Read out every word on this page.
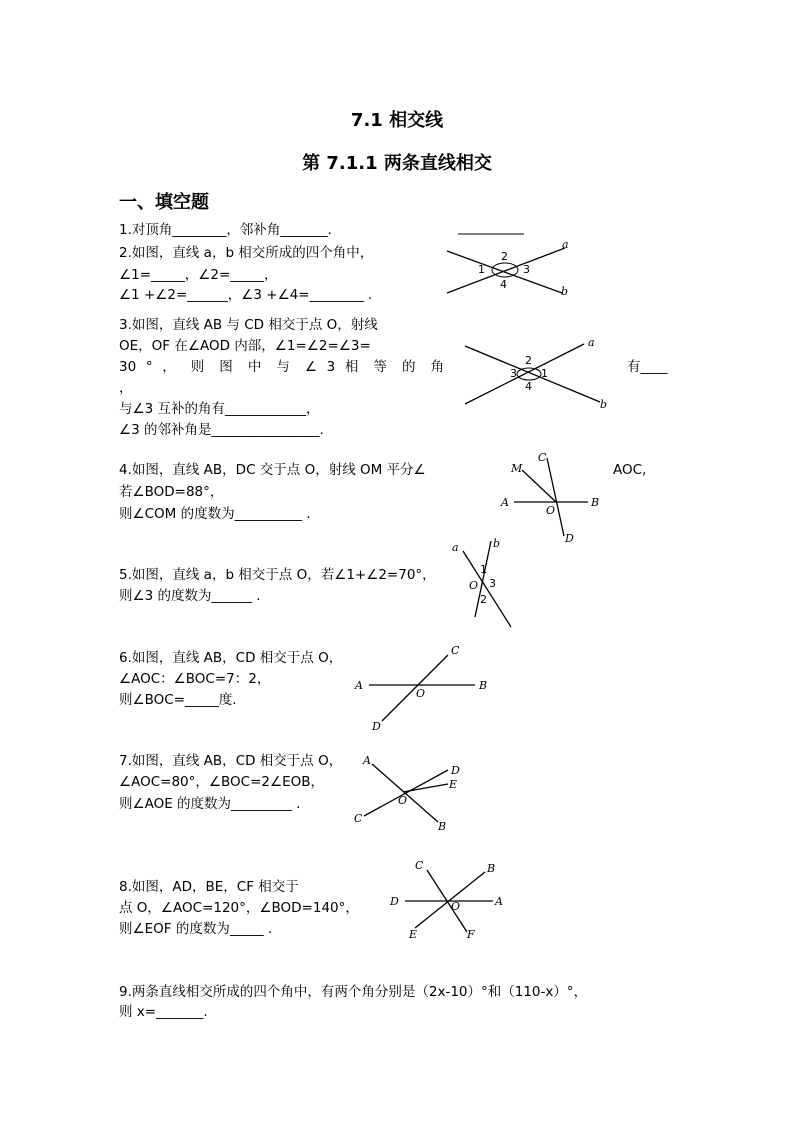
7.1 相交线
第 7.1.1 两条直线相交
一、填空题
1.对顶角________，邻补角_______.
2.如图，直线 a，b 相交所成的四个角中，
∠1=_____，∠2=_____，
∠1 +∠2=______，∠3 +∠4=________ .
a
b
1
2
3
4
3.如图，直线 AB 与 CD 相交于点 O，射线
OE，OF 在∠AOD 内部，∠1=∠2=∠3=
30 ° ， 则 图 中 与 ∠ 3 相 等 的 角	有____
，
与∠3 互补的角有____________，
∠3 的邻补角是________________.
a
b
1
2
3
4
4.如图，直线 AB，DC 交于点 O，射线 OM 平分∠	AOC,
若∠BOD=88°，
则∠COM 的度数为__________ .
M
C
A	B
O
D
5.如图，直线 a，b 相交于点 O，若∠1+∠2=70°，
则∠3 的度数为______ .
a	b
O
1
2
3
6.如图，直线 AB，CD 相交于点 O，
∠AOC：∠BOC=7：2，
则∠BOC=_____度.
A	B
C
D
O
7.如图，直线 AB，CD 相交于点 O，
∠AOC=80°，∠BOC=2∠EOB，
则∠AOE 的度数为_________ .
A
B
C
D
E
O
8.如图，AD，BE，CF 相交于
点 O，∠AOC=120°，∠BOD=140°，
则∠EOF 的度数为_____ .
C	B
D	A
E	F
O
9.两条直线相交所成的四个角中，有两个角分别是（2x-10）°和（110-x）°，
则 x=_______.
